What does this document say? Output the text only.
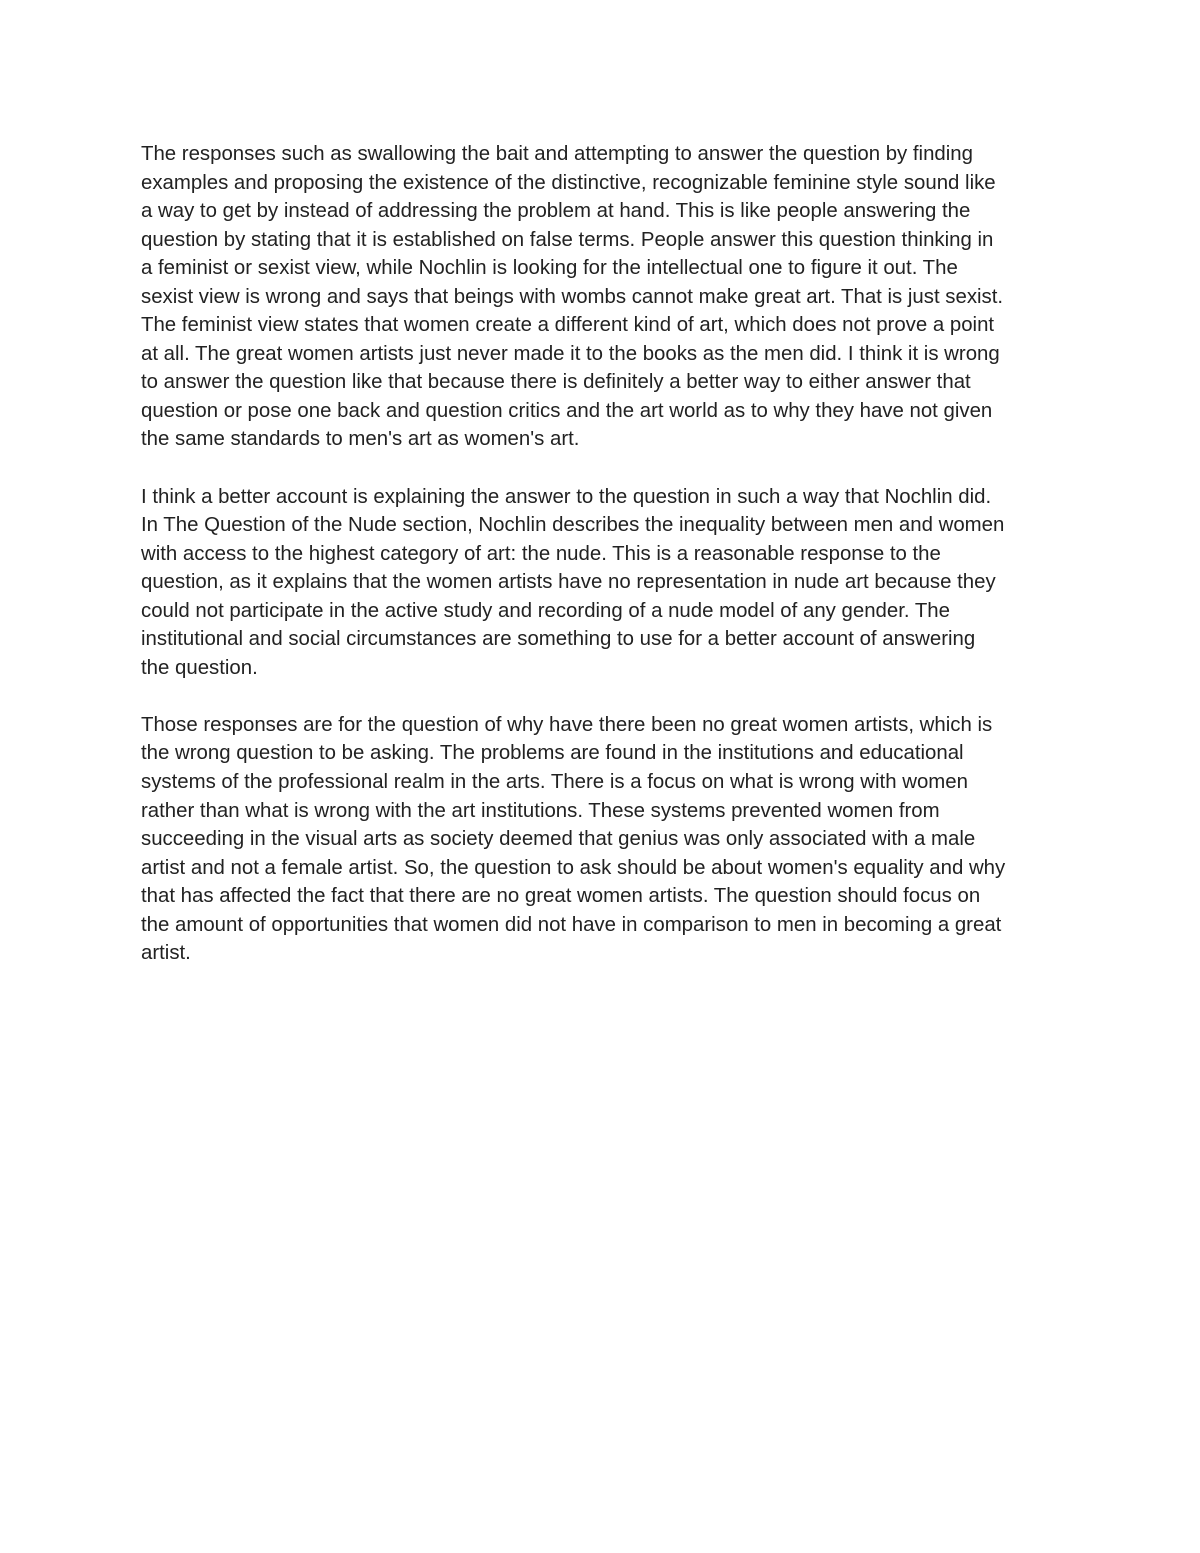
The responses such as swallowing the bait and attempting to answer the question by finding
examples and proposing the existence of the distinctive, recognizable feminine style sound like
a way to get by instead of addressing the problem at hand. This is like people answering the
question by stating that it is established on false terms. People answer this question thinking in
a feminist or sexist view, while Nochlin is looking for the intellectual one to figure it out. The
sexist view is wrong and says that beings with wombs cannot make great art. That is just sexist.
The feminist view states that women create a different kind of art, which does not prove a point
at all. The great women artists just never made it to the books as the men did. I think it is wrong
to answer the question like that because there is definitely a better way to either answer that
question or pose one back and question critics and the art world as to why they have not given
the same standards to men's art as women's art.

I think a better account is explaining the answer to the question in such a way that Nochlin did.
In The Question of the Nude section, Nochlin describes the inequality between men and women
with access to the highest category of art: the nude. This is a reasonable response to the
question, as it explains that the women artists have no representation in nude art because they
could not participate in the active study and recording of a nude model of any gender. The
institutional and social circumstances are something to use for a better account of answering
the question.

Those responses are for the question of why have there been no great women artists, which is
the wrong question to be asking. The problems are found in the institutions and educational
systems of the professional realm in the arts. There is a focus on what is wrong with women
rather than what is wrong with the art institutions. These systems prevented women from
succeeding in the visual arts as society deemed that genius was only associated with a male
artist and not a female artist. So, the question to ask should be about women's equality and why
that has affected the fact that there are no great women artists. The question should focus on
the amount of opportunities that women did not have in comparison to men in becoming a great
artist.
